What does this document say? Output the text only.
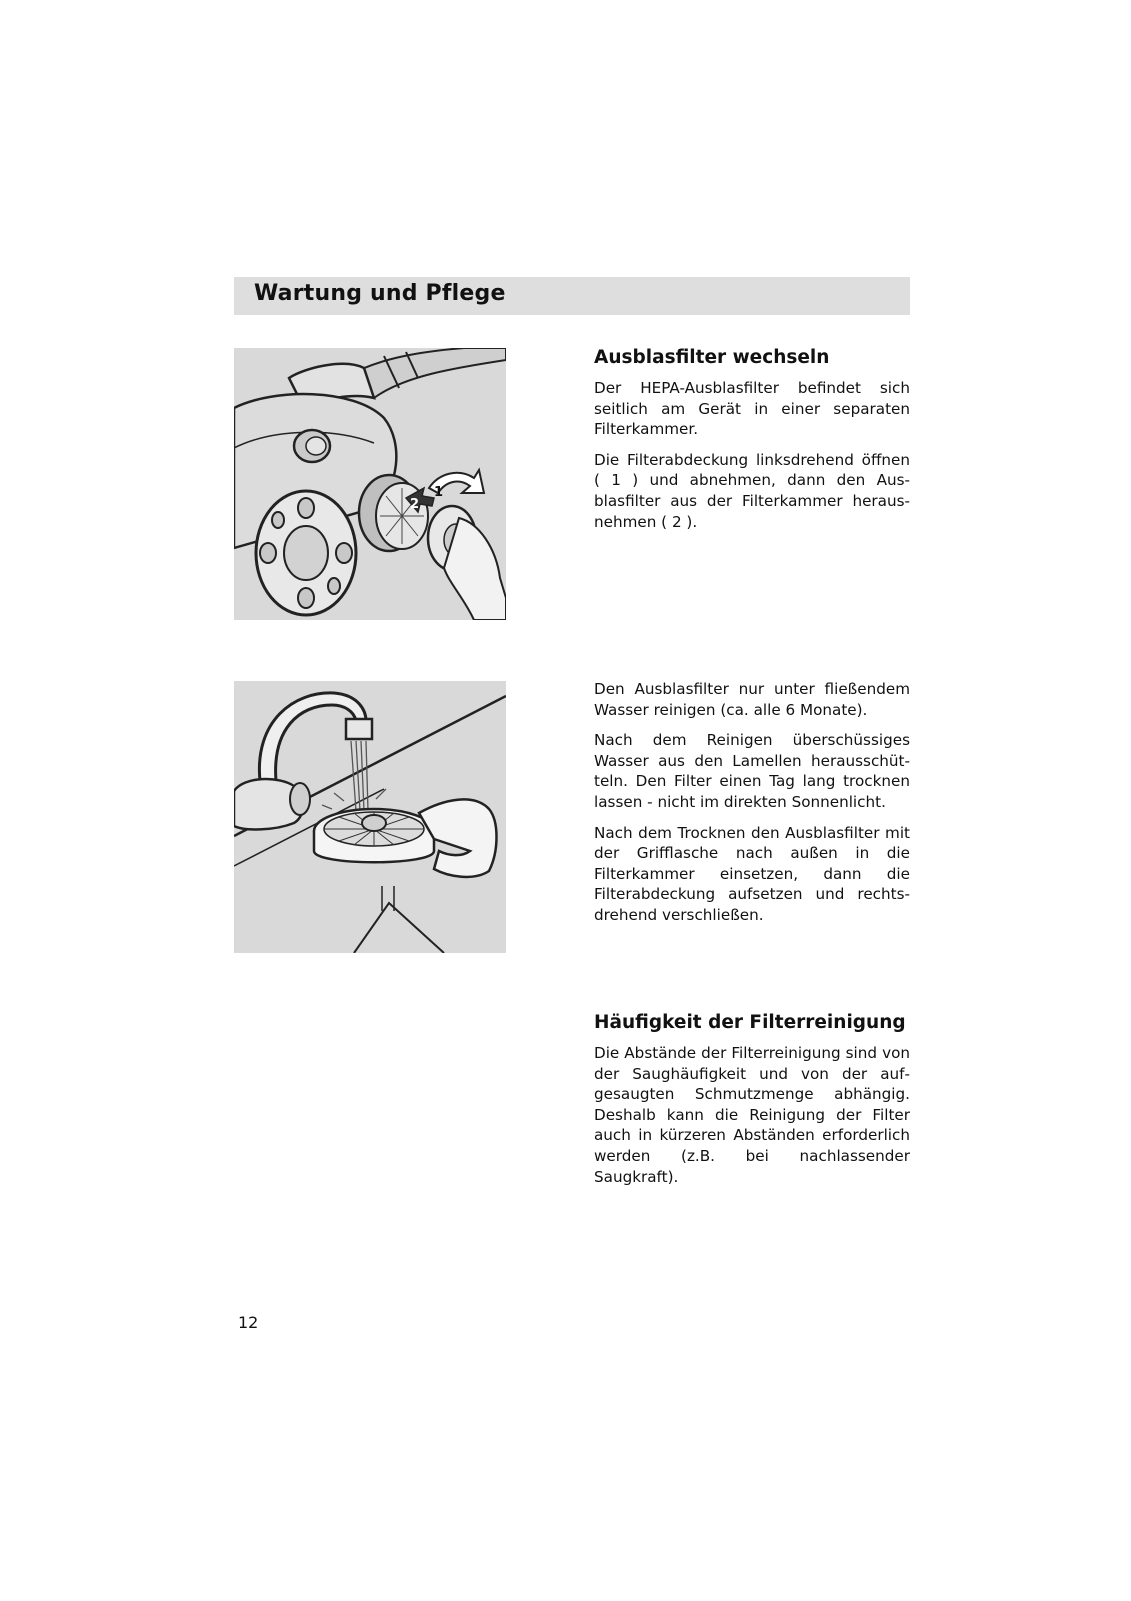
Wartung und Pflege
1
2
Ausblasfilter wechseln

Der HEPA-Ausblasfilter befindet sich seitlich am Gerät in einer separaten Filterkammer.

Die Filterabdeckung linksdrehend öffnen ( 1 ) und abnehmen, dann den Ausblasfilter aus der Filterkammer herausnehmen ( 2 ).

Den Ausblasfilter nur unter fließendem Wasser reinigen (ca. alle 6 Monate).

Nach dem Reinigen überschüssiges Wasser aus den Lamellen herausschütteln. Den Filter einen Tag lang trocknen lassen - nicht im direkten Sonnenlicht.

Nach dem Trocknen den Ausblasfilter mit der Grifflasche nach außen in die Filterkammer einsetzen, dann die Filterabdeckung aufsetzen und rechtsdrehend verschließen.

Häufigkeit der Filterreinigung

Die Abstände der Filterreinigung sind von der Saughäufigkeit und von der aufgesaugten Schmutzmenge abhängig. Deshalb kann die Reinigung der Filter auch in kürzeren Abständen erforderlich werden (z.B. bei nachlassender Saugkraft).

12
